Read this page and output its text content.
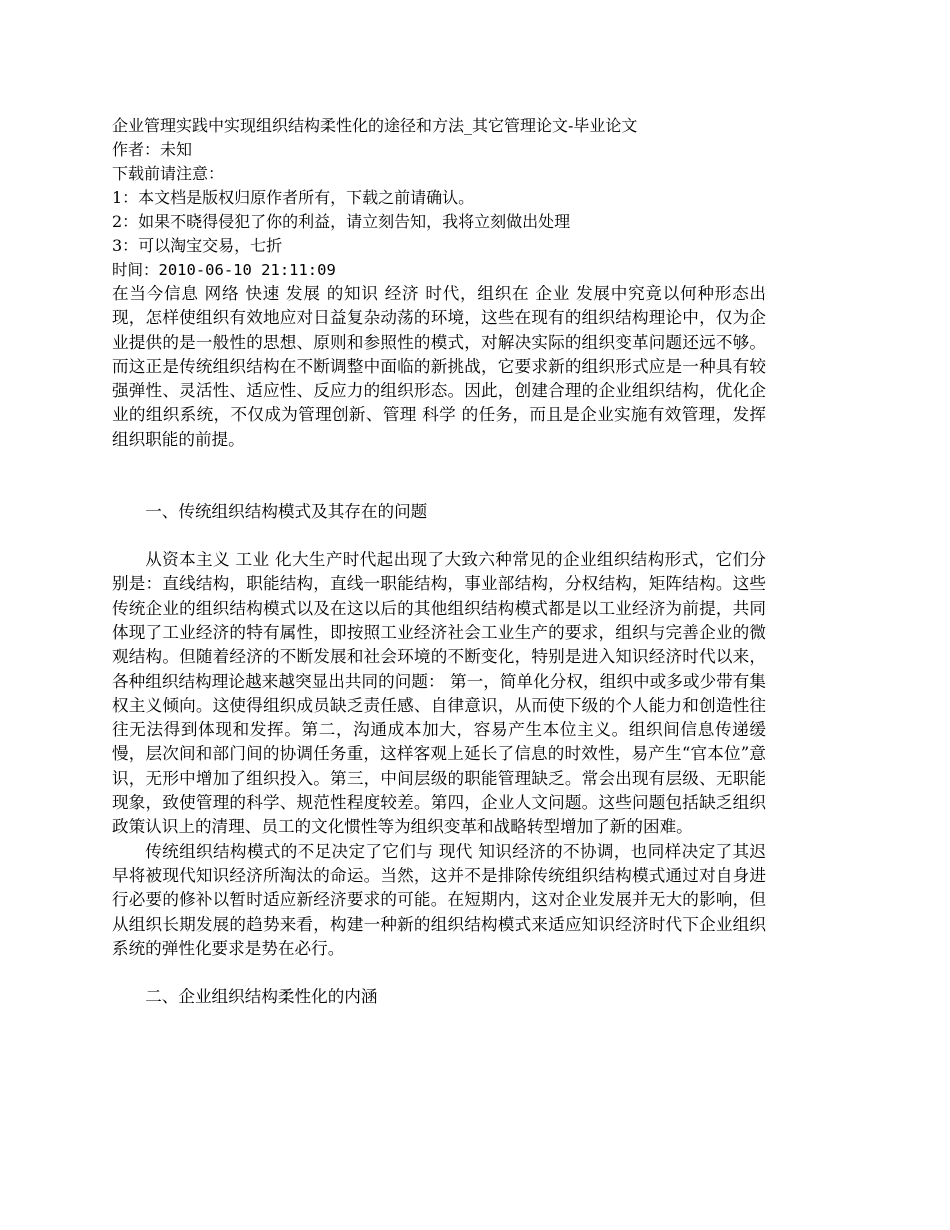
企业管理实践中实现组织结构柔性化的途径和方法_其它管理论文-毕业论文
作者：未知
下载前请注意：
1：本文档是版权归原作者所有，下载之前请确认。
2：如果不晓得侵犯了你的利益，请立刻告知，我将立刻做出处理
3：可以淘宝交易，七折
时间：2010-06-10 21:11:09

在当今信息 网络 快速 发展 的知识 经济 时代，组织在 企业 发展中究竟以何种形态出现，怎样使组织有效地应对日益复杂动荡的环境，这些在现有的组织结构理论中，仅为企业提供的是一般性的思想、原则和参照性的模式，对解决实际的组织变革问题还远不够。而这正是传统组织结构在不断调整中面临的新挑战，它要求新的组织形式应是一种具有较强弹性、灵活性、适应性、反应力的组织形态。因此，创建合理的企业组织结构，优化企业的组织系统，不仅成为管理创新、管理 科学 的任务，而且是企业实施有效管理，发挥组织职能的前提。

一、传统组织结构模式及其存在的问题

从资本主义 工业 化大生产时代起出现了大致六种常见的企业组织结构形式，它们分别是：直线结构，职能结构，直线一职能结构，事业部结构，分权结构，矩阵结构。这些传统企业的组织结构模式以及在这以后的其他组织结构模式都是以工业经济为前提，共同体现了工业经济的特有属性，即按照工业经济社会工业生产的要求，组织与完善企业的微观结构。但随着经济的不断发展和社会环境的不断变化，特别是进入知识经济时代以来，各种组织结构理论越来越突显出共同的问题： 第一，简单化分权，组织中或多或少带有集权主义倾向。这使得组织成员缺乏责任感、自律意识，从而使下级的个人能力和创造性往往无法得到体现和发挥。第二，沟通成本加大，容易产生本位主义。组织间信息传递缓慢，层次间和部门间的协调任务重，这样客观上延长了信息的时效性，易产生“官本位”意识，无形中增加了组织投入。第三，中间层级的职能管理缺乏。常会出现有层级、无职能现象，致使管理的科学、规范性程度较差。第四，企业人文问题。这些问题包括缺乏组织政策认识上的清理、员工的文化惯性等为组织变革和战略转型增加了新的困难。

传统组织结构模式的不足决定了它们与 现代 知识经济的不协调，也同样决定了其迟早将被现代知识经济所淘汰的命运。当然，这并不是排除传统组织结构模式通过对自身进行必要的修补以暂时适应新经济要求的可能。在短期内，这对企业发展并无大的影响，但从组织长期发展的趋势来看，构建一种新的组织结构模式来适应知识经济时代下企业组织系统的弹性化要求是势在必行。

二、企业组织结构柔性化的内涵
